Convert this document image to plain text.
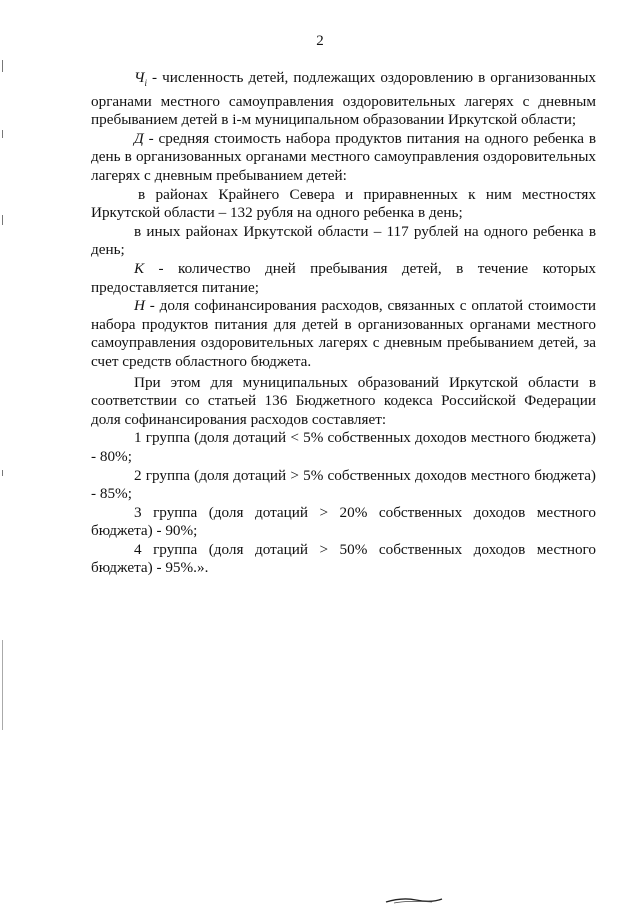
2

$Ч_i$ - численность детей, подлежащих оздоровлению в организованных органами местного самоуправления оздоровительных лагерях с дневным пребыванием детей в i-м муниципальном образовании Иркутской области;

Д - средняя стоимость набора продуктов питания на одного ребенка в день в организованных органами местного самоуправления оздоровительных лагерях с дневным пребыванием детей:

в районах Крайнего Севера и приравненных к ним местностях Иркутской области – 132 рубля на одного ребенка в день;

в иных районах Иркутской области – 117 рублей на одного ребенка в день;

К - количество дней пребывания детей, в течение которых предоставляется питание;

Н - доля софинансирования расходов, связанных с оплатой стоимости набора продуктов питания для детей в организованных органами местного самоуправления оздоровительных лагерях с дневным пребыванием детей, за счет средств областного бюджета.

При этом для муниципальных образований Иркутской области в соответствии со статьей 136 Бюджетного кодекса Российской Федерации доля софинансирования расходов составляет:

1 группа (доля дотаций < 5% собственных доходов местного бюджета) - 80%;

2 группа (доля дотаций > 5% собственных доходов местного бюджета) - 85%;

3 группа (доля дотаций > 20% собственных доходов местного бюджета) - 90%;

4 группа (доля дотаций > 50% собственных доходов местного бюджета) - 95%.».
